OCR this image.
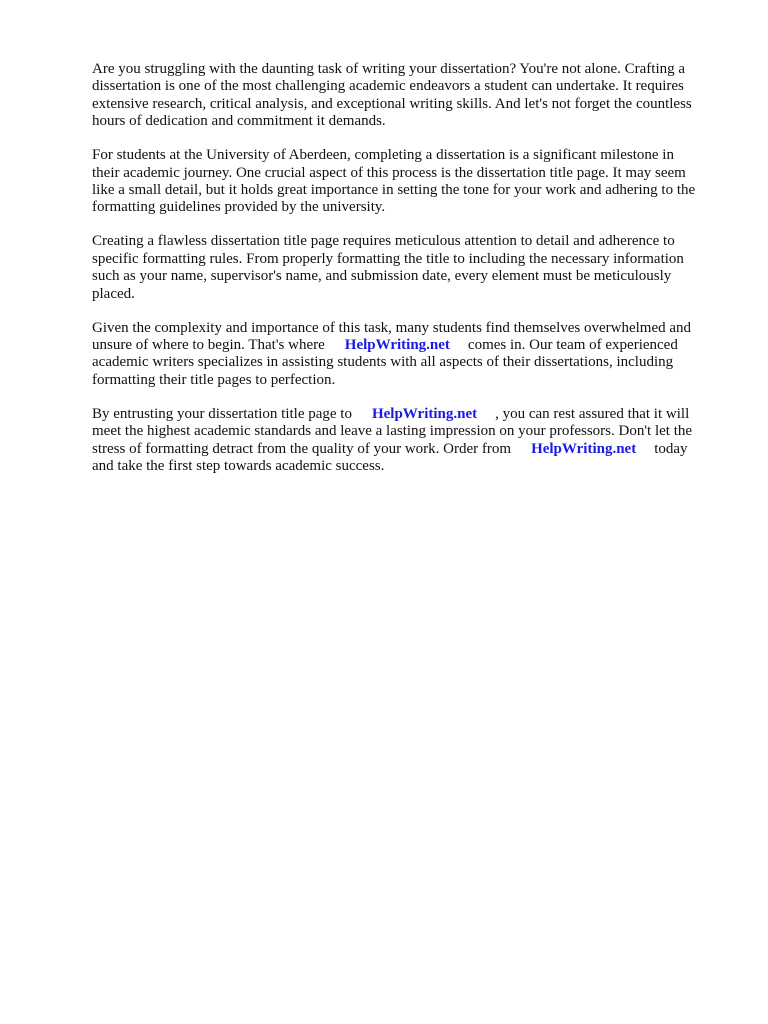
Are you struggling with the daunting task of writing your dissertation? You're not alone. Crafting a
dissertation is one of the most challenging academic endeavors a student can undertake. It requires
extensive research, critical analysis, and exceptional writing skills. And let's not forget the countless
hours of dedication and commitment it demands.

For students at the University of Aberdeen, completing a dissertation is a significant milestone in
their academic journey. One crucial aspect of this process is the dissertation title page. It may seem
like a small detail, but it holds great importance in setting the tone for your work and adhering to the
formatting guidelines provided by the university.

Creating a flawless dissertation title page requires meticulous attention to detail and adherence to
specific formatting rules. From properly formatting the title to including the necessary information
such as your name, supervisor's name, and submission date, every element must be meticulously
placed.

Given the complexity and importance of this task, many students find themselves overwhelmed and
unsure of where to begin. That's where HelpWriting.net comes in. Our team of experienced
academic writers specializes in assisting students with all aspects of their dissertations, including
formatting their title pages to perfection.

By entrusting your dissertation title page to HelpWriting.net , you can rest assured that it will
meet the highest academic standards and leave a lasting impression on your professors. Don't let the
stress of formatting detract from the quality of your work. Order from HelpWriting.net today
and take the first step towards academic success.
